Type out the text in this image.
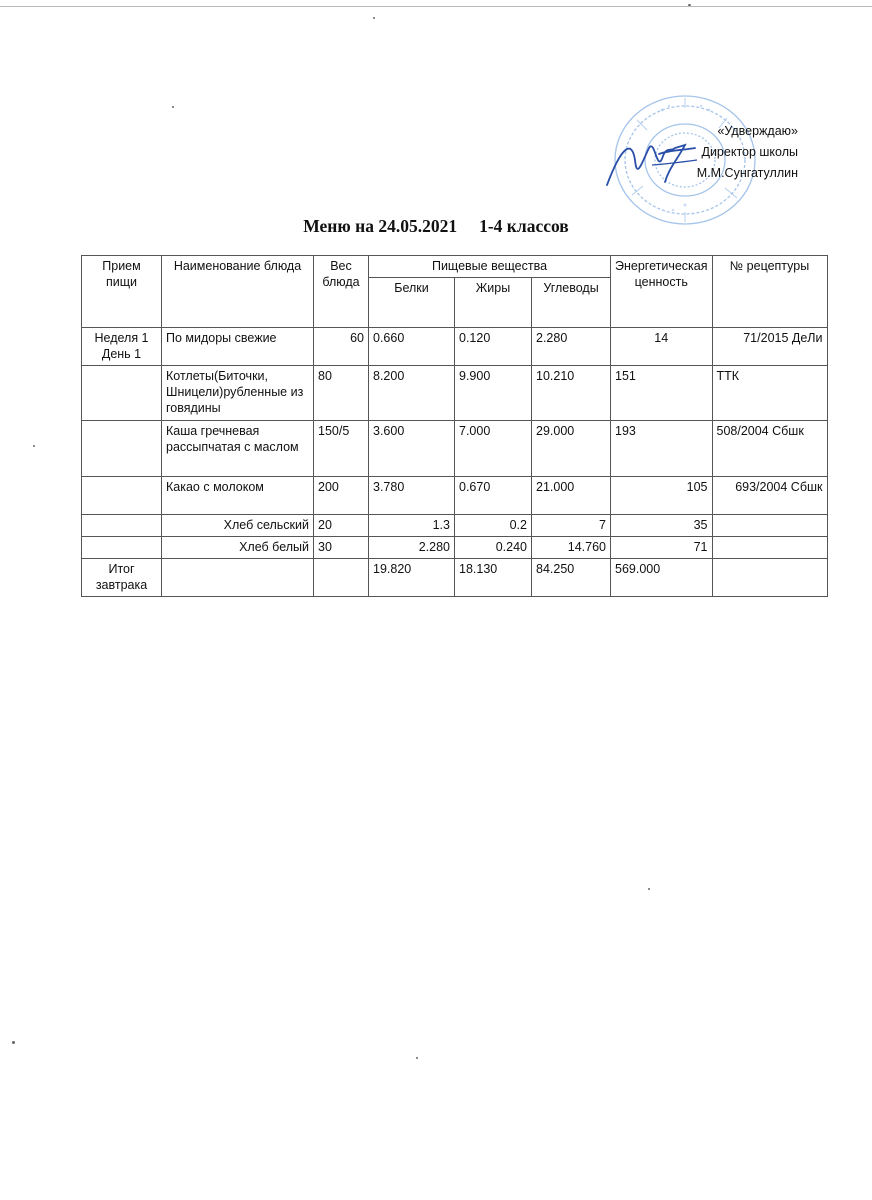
«Удверждаю»
Директор школы
М.М.Сунгатуллин
Меню на 24.05.2021 1-4 классов
Прием пищи	Наименование блюда	Вес блюда	Пищевые вещества			Энергетическая ценность	№ рецептуры
			Белки	Жиры	Углеводы		
Неделя 1 День 1	По мидоры свежие	60	0.660	0.120	2.280	14	71/2015 ДеЛи
	Котлеты(Биточки, Шницели)рубленные из говядины	80	8.200	9.900	10.210	151	ТТК
	Каша гречневая рассыпчатая с маслом	150/5	3.600	7.000	29.000	193	508/2004 Сбшк
	Какао с молоком	200	3.780	0.670	21.000	105	693/2004 Сбшк
	Хлеб сельский	20	1.3	0.2	7	35	
	Хлеб белый	30	2.280	0.240	14.760	71	
Итог завтрака			19.820	18.130	84.250	569.000	
